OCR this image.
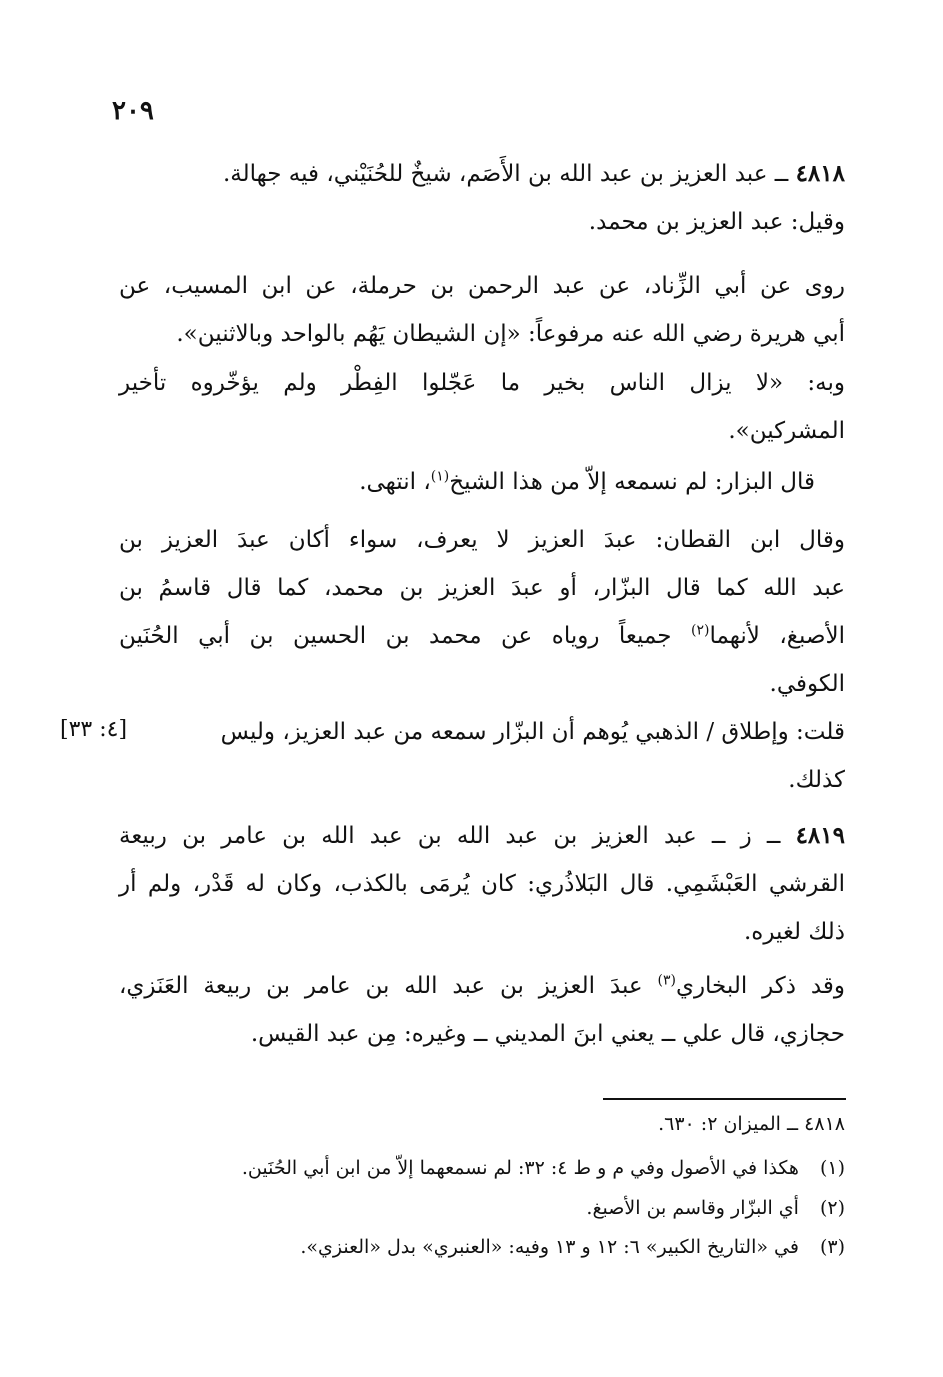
٢٠٩
٤٨١٨ ــ عبد العزيز بن عبد الله بن الأَصَم، شيخٌ للحُنَيْني، فيه جهالة.
وقيل: عبد العزيز بن محمد.
روى عن أبي الزِّناد، عن عبد الرحمن بن حرملة، عن ابن المسيب، عن
أبي هريرة رضي الله عنه مرفوعاً: «إن الشيطان يَهُم بالواحد وبالاثنين».
وبه: «لا يزال الناس بخير ما عَجّلوا الفِطْر ولم يؤخّروه تأخير
المشركين».
قال البزار: لم نسمعه إلاّ من هذا الشيخ$^{(١)}$، انتهى.
وقال ابن القطان: عبدَ العزيز لا يعرف، سواء أكان عبدَ العزيز بن
عبد الله كما قال البزّار، أو عبدَ العزيز بن محمد، كما قال قاسمُ بن
الأصبغ، لأنهما$^{(٢)}$ جميعاً روياه عن محمد بن الحسين بن أبي الحُنَين
الكوفي.
قلت: وإطلاق / الذهبي يُوهم أن البزّار سمعه من عبد العزيز، وليس
كذلك.
[٤: ٣٣]
٤٨١٩ ــ ز ــ عبد العزيز بن عبد الله بن عبد الله بن عامر بن ربيعة
القرشي العَبْشَمِي. قال البَلاذُري: كان يُرمَى بالكذب، وكان له قَدْر، ولم أر
ذلك لغيره.
وقد ذكر البخاري$^{(٣)}$ عبدَ العزيز بن عبد الله بن عامر بن ربيعة العَنَزي،
حجازي، قال علي ــ يعني ابنَ المديني ــ وغيره: مِن عبد القيس.
٤٨١٨ ــ الميزان ٢: ٦٣٠.
(١) هكذا في الأصول وفي م و ط ٤: ٣٢: لم نسمعهما إلاّ من ابن أبي الحُنَين.
(٢) أي البزّار وقاسم بن الأصبغ.
(٣) في «التاريخ الكبير» ٦: ١٢ و ١٣ وفيه: «العنبري» بدل «العنزي».
